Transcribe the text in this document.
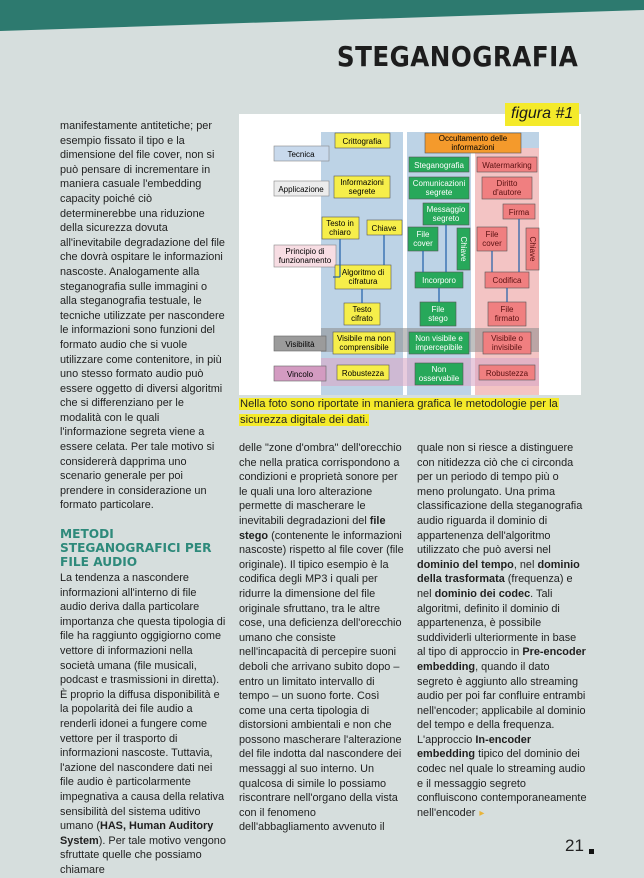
STEGANOGRAFIA

manifestamente antitetiche; per esempio fissato il tipo e la dimensione del file cover, non si può pensare di incrementare in maniera casuale l'embedding capacity poiché ciò determinerebbe una riduzione della sicurezza dovuta all'inevitabile degradazione del file che dovrà ospitare le informazioni nascoste. Analogamente alla steganografia sulle immagini o alla steganografia testuale, le tecniche utilizzate per nascondere le informazioni sono funzioni del formato audio che si vuole utilizzare come contenitore, in più uno stesso formato audio può essere oggetto di diversi algoritmi che si differenziano per le modalità con le quali l'informazione segreta viene a essere celata. Per tale motivo si considererà dapprima uno scenario generale per poi prendere in considerazione un formato particolare.

METODI STEGANOGRAFICI PER FILE AUDIO

La tendenza a nascondere informazioni all'interno di file audio deriva dalla particolare importanza che questa tipologia di file ha raggiunto oggigiorno come vettore di informazioni nella società umana (file musicali, podcast e trasmissioni in diretta). È proprio la diffusa disponibilità e la popolarità dei file audio a renderli idonei a fungere come vettore per il trasporto di informazioni nascoste. Tuttavia, l'azione del nascondere dati nei file audio è particolarmente impegnativa a causa della relativa sensibilità del sistema uditivo umano (HAS, Human Auditory System). Per tale motivo vengono sfruttate quelle che possiamo chiamare

Tecnica
Applicazione
Principio di
funzionamento
Visibilità
Vincolo
Crittografia
Informazioni
segrete
Testo in
chiaro	Chiave
Algoritmo di
cifratura
Testo
cifrato
Visibile ma non
comprensibile
Robustezza
Occultamento delle
informazioni
Steganografia
Comunicazioni
segrete
Messaggio
segreto
File
cover	Chiave
Incorporo
File
stego
Non visibile e
impercepibile
Non
osservabile
Watermarking
Diritto
d'autore
Firma
File
cover	Chiave
Codifica
File
firmato
Visibile o
invisibile
Robustezza
figura #1
Nella foto sono riportate in maniera grafica le metodologie per la sicurezza digitale dei dati.

delle "zone d'ombra" dell'orecchio che nella pratica corrispondono a condizioni e proprietà sonore per le quali una loro alterazione permette di mascherare le inevitabili degradazioni del file stego (contenente le informazioni nascoste) rispetto al file cover (file originale). Il tipico esempio è la codifica degli MP3 i quali per ridurre la dimensione del file originale sfruttano, tra le altre cose, una deficienza dell'orecchio umano che consiste nell'incapacità di percepire suoni deboli che arrivano subito dopo – entro un limitato intervallo di tempo – un suono forte. Così come una certa tipologia di distorsioni ambientali e non che possono mascherare l'alterazione del file indotta dal nascondere dei messaggi al suo interno. Un qualcosa di simile lo possiamo riscontrare nell'organo della vista con il fenomeno dell'abbagliamento avvenuto il

quale non si riesce a distinguere con nitidezza ciò che ci circonda per un periodo di tempo più o meno prolungato. Una prima classificazione della steganografia audio riguarda il dominio di appartenenza dell'algoritmo utilizzato che può aversi nel dominio del tempo, nel dominio della trasformata (frequenza) e nel dominio dei codec. Tali algoritmi, definito il dominio di appartenenza, è possibile suddividerli ulteriormente in base al tipo di approccio in Pre-encoder embedding, quando il dato segreto è aggiunto allo streaming audio per poi far confluire entrambi nell'encoder; applicabile al dominio del tempo e della frequenza. L'approccio In-encoder embedding tipico del dominio dei codec nel quale lo streaming audio e il messaggio segreto confluiscono contemporaneamente nell'encoder ▸

21
